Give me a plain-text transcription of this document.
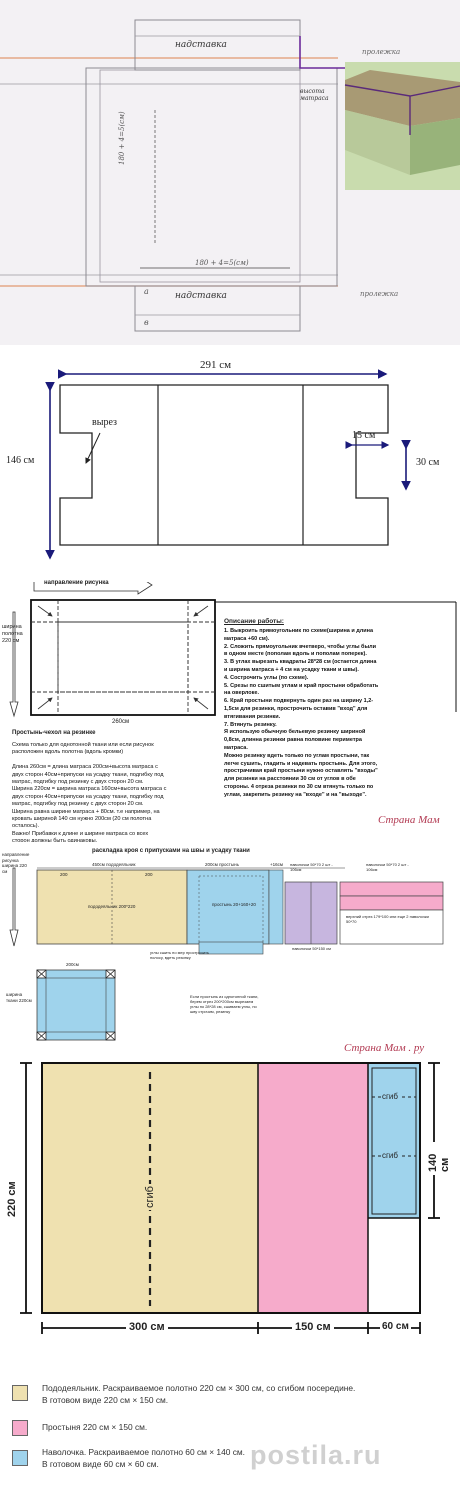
надставка
надставка
а
в
180 + 4=5(см)
180 + 4=5(см)
высота матраса
пролежка
пролежка
291 см
146 см
вырез
15 см
30 см
направление рисунка
ширина полотна 220 см
260см
Простынь-чехол на резинке
Схема только для однотонной ткани или если рисунок
расположен вдоль полотна (вдоль кромки)

Длина 260см = длина матраса 200см+высота матраса с
двух сторон 40см+припуски на усадку ткани, подгибку под
матрас, подгибку под резинку с двух сторон 20 см.
Ширина 220см = ширина матраса 160см+высота матраса с
двух сторон 40см+припуски на усадку ткани, подгибку под
матрас, подгибку под резинку с двух сторон 20 см.
Ширина равна ширине матраса + 80см. т.е например, на
кровать шириной 140 см нужно 200см (20 см полотна
осталось).
Важно! Прибавки к длине и ширине матраса со всех
Описание работы:
1. Выкроить прямоугольник по схеме(ширина и длина
матраса +60 см).
2. Сложить прямоугольник вчетверо, чтобы углы были
в одном месте (пополам вдоль и пополам поперек).
3. В углах вырезать квадраты 28*28 см (остается длина
и ширина матраса + 4 см на усадку ткани и швы).
4. Сострочить углы (по схеме).
5. Срезы по сшитым углам и край простыни обработать
на оверлоке.
6. Край простыни подвернуть один раз на ширину 1,2-
1,5см для резинки, прострочить оставив "вход" для
втягивания резинки.
7. Втянуть резинку.
Я использую обычную бельевую резинку шириной
0,8см, длинна резинки равна половине периметра
матраса.
Можно резинку вдеть только по углам простыни, так
легче сушить, гладить и надевать простынь. Для этого,
прострачивая край простыни нужно оставлять "входы"
для резинки на расстоянии 30 см от углов в обе
стороны. 4 отреза резинки по 30 см втянуть только по
углам, закрепить резинку на "входе" и на "выходе".
Страна Мам
раскладка кроя с припусками на швы и усадку ткани
направление рисунка ширина 220 см
450см пододеяльник	200см простынь	+16см наволочки 50*70 2 шт - 106см
наволочки 50*70 2 шт - 106см
пододеяльник 200*220
200	200
простынь 20+160+20
наволочки 50*150 см
верхний отрез 179*100 или еще 2 наволочки 50*70
углы сшить по мер прострочить полосу, вдеть резинку
200см
ширина ткани 220см
Если простынь из однотонной ткани, берем отрез 200*200см вырезаем углы по 28*28 см, сшиваем углы, по шву строчим, резинку
Страна Мам . ру
300 см	150 см	60 см
220 см
140 см
сгиб
сгиб
сгиб
Пододеяльник. Раскраиваемое полотно 220 см × 300 см, со сгибом посередине.
В готовом виде 220 см × 150 см.
Простыня 220 см × 150 см.
Наволочка. Раскраиваемое полотно 60 см × 140 см.
В готовом виде 60 см × 60 см.	postila.ru
